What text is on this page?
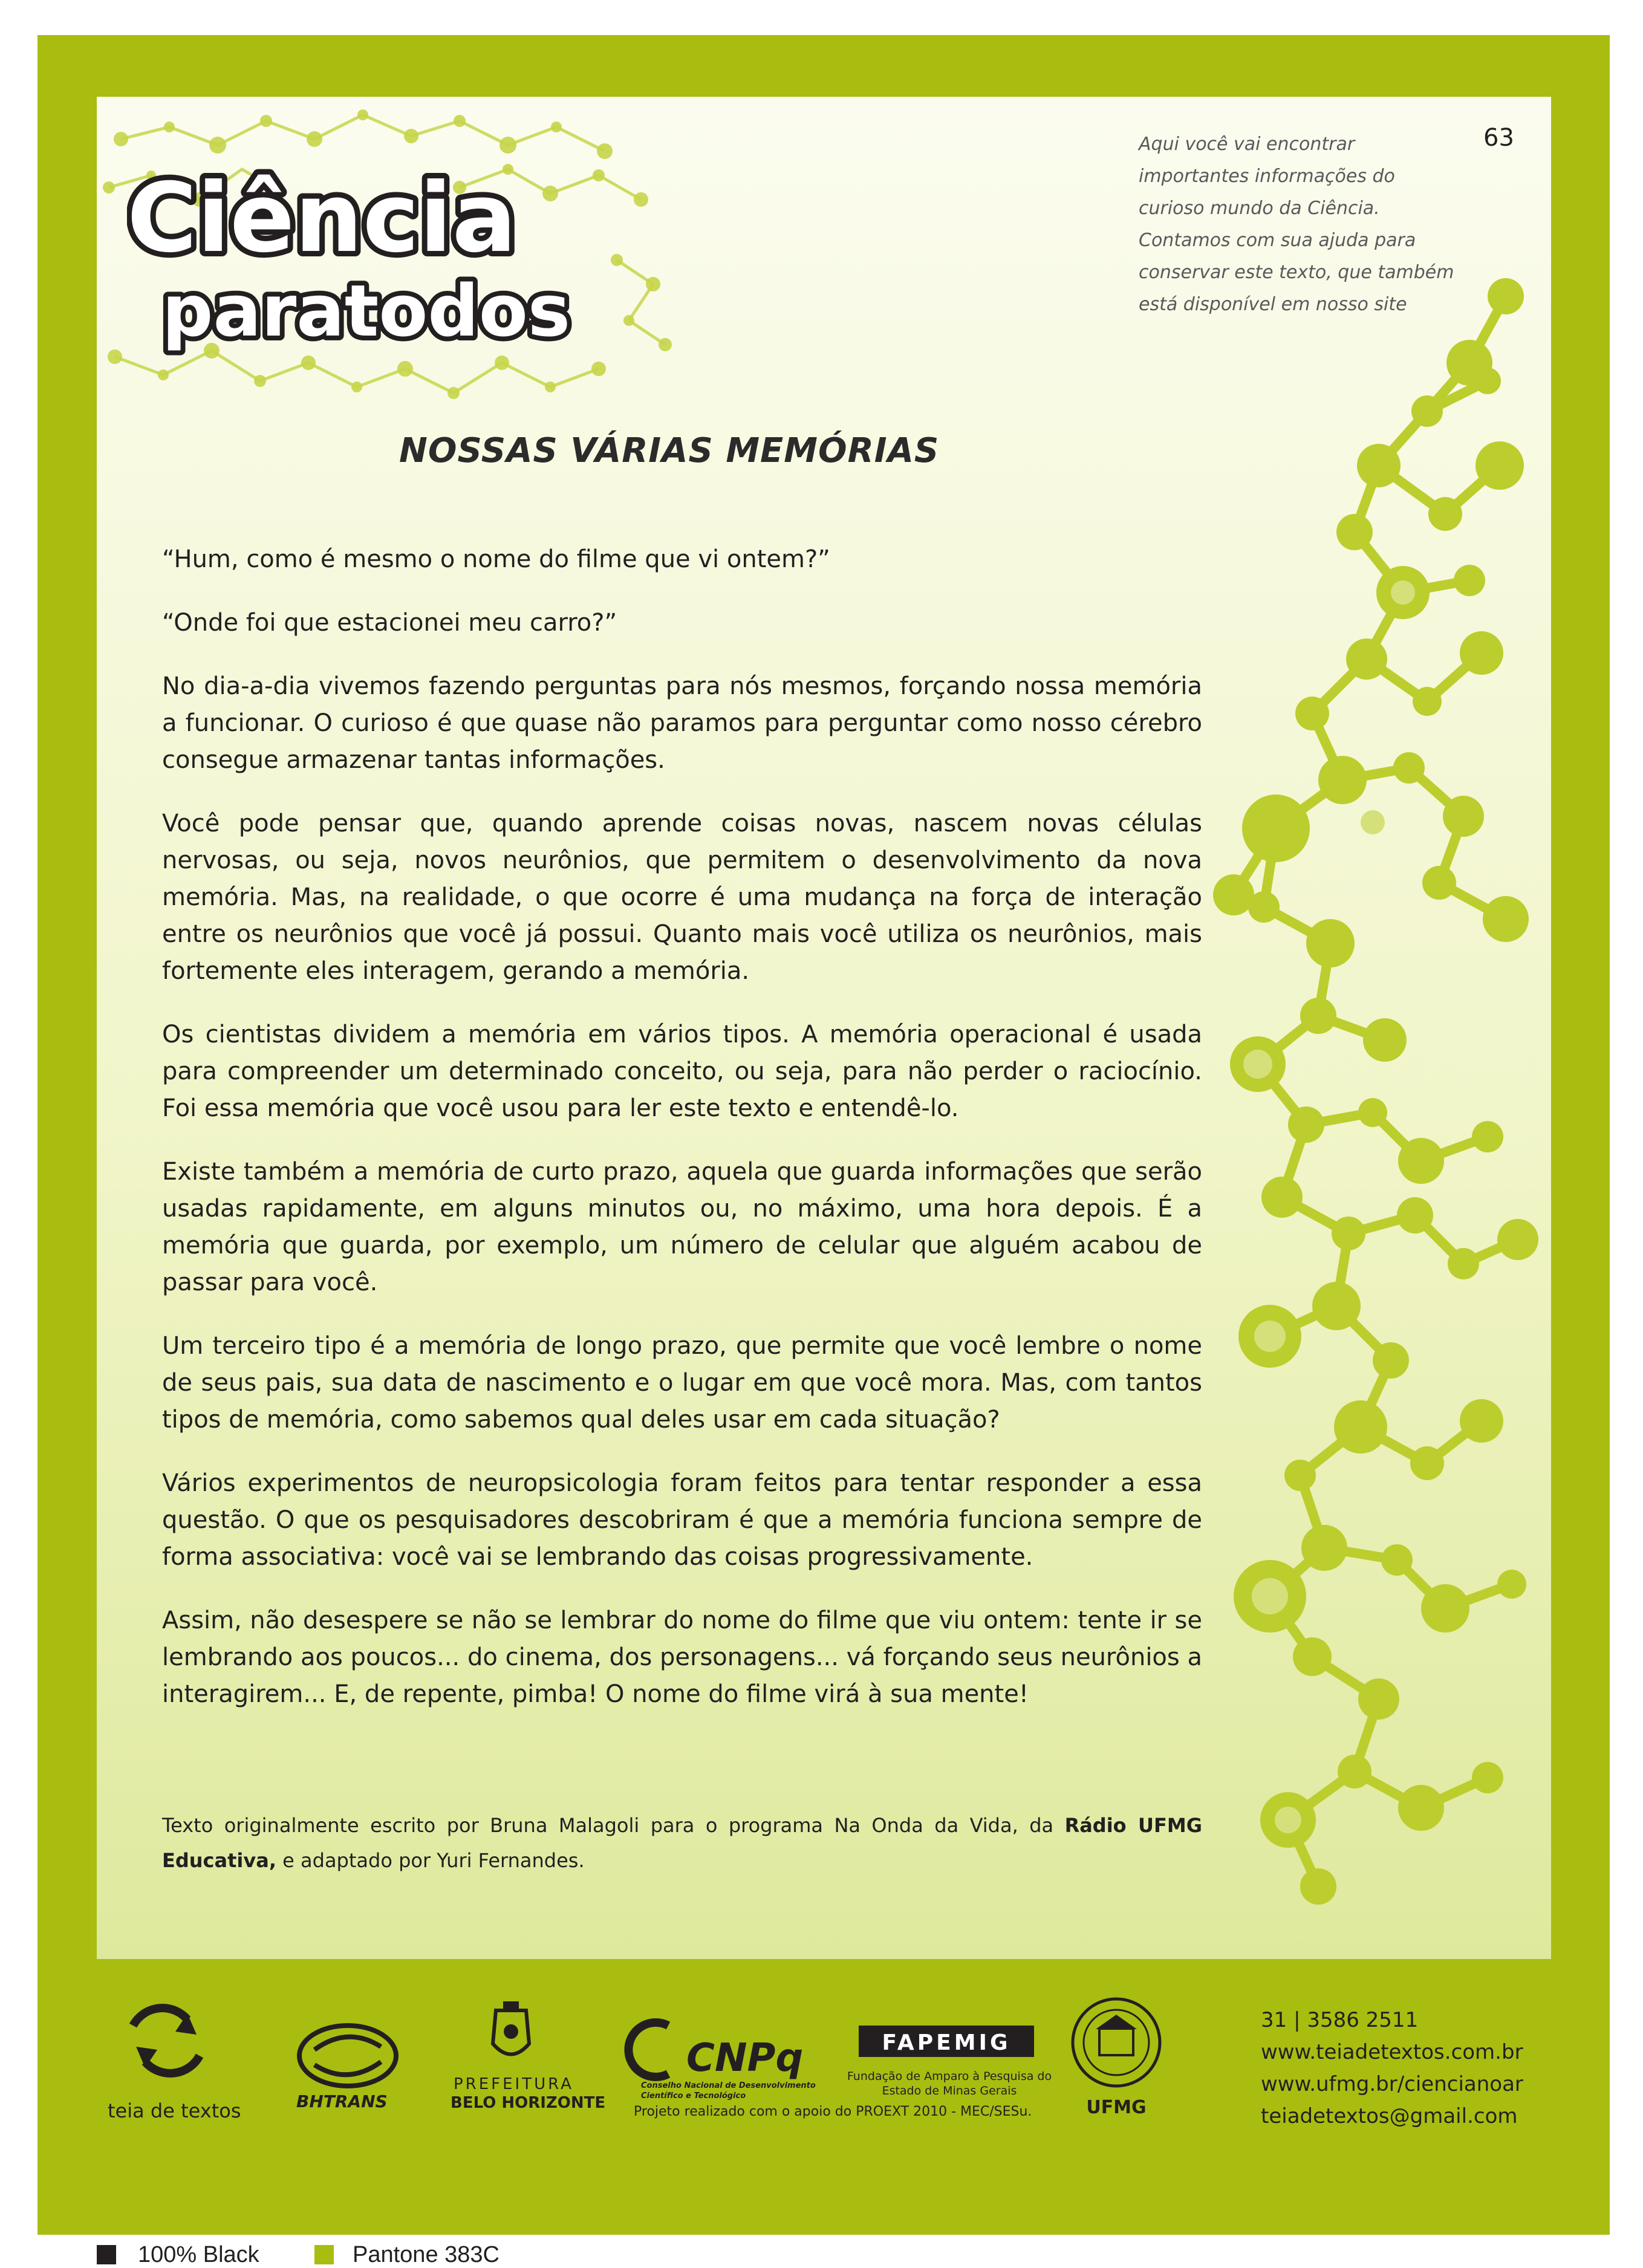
Ciência
paratodos
Aqui você vai encontrar
importantes informações do
curioso mundo da Ciência.
Contamos com sua ajuda para
conservar este texto, que também
está disponível em nosso site
63
NOSSAS VÁRIAS MEMÓRIAS

“Hum, como é mesmo o nome do filme que vi ontem?”

“Onde foi que estacionei meu carro?”

No dia-a-dia vivemos fazendo perguntas para nós mesmos, forçando nossa memória a funcionar. O curioso é que quase não paramos para perguntar como nosso cérebro consegue armazenar tantas informações.

Você pode pensar que, quando aprende coisas novas, nascem novas células nervosas, ou seja, novos neurônios, que permitem o desenvolvimento da nova memória. Mas, na realidade, o que ocorre é uma mudança na força de interação entre os neurônios que você já possui. Quanto mais você utiliza os neurônios, mais fortemente eles interagem, gerando a memória.

Os cientistas dividem a memória em vários tipos. A memória operacional é usada para compreender um determinado conceito, ou seja, para não perder o raciocínio. Foi essa memória que você usou para ler este texto e entendê-lo.

Existe também a memória de curto prazo, aquela que guarda informações que serão usadas rapidamente, em alguns minutos ou, no máximo, uma hora depois. É a memória que guarda, por exemplo, um número de celular que alguém acabou de passar para você.

Um terceiro tipo é a memória de longo prazo, que permite que você lembre o nome de seus pais, sua data de nascimento e o lugar em que você mora. Mas, com tantos tipos de memória, como sabemos qual deles usar em cada situação?

Vários experimentos de neuropsicologia foram feitos para tentar responder a essa questão. O que os pesquisadores descobriram é que a memória funciona sempre de forma associativa: você vai se lembrando das coisas progressivamente.

Assim, não desespere se não se lembrar do nome do filme que viu ontem: tente ir se lembrando aos poucos... do cinema, dos personagens... vá forçando seus neurônios a interagirem... E, de repente, pimba! O nome do filme virá à sua mente!

Texto originalmente escrito por Bruna Malagoli para o programa Na Onda da Vida, da Rádio UFMG Educativa, e adaptado por Yuri Fernandes.
teia de textos	BHTRANS
PREFEITURA
BELO HORIZONTE
CNPq
Conselho Nacional de Desenvolvimento
Científico e Tecnológico
FAPEMIG
Fundação de Amparo à Pesquisa do
Estado de Minas Gerais
UFMG
Projeto realizado com o apoio do PROEXT 2010 - MEC/SESu.
31 | 3586 2511
www.teiadetextos.com.br
www.ufmg.br/ciencianoar
teiadetextos@gmail.com
100% Black	Pantone 383C
